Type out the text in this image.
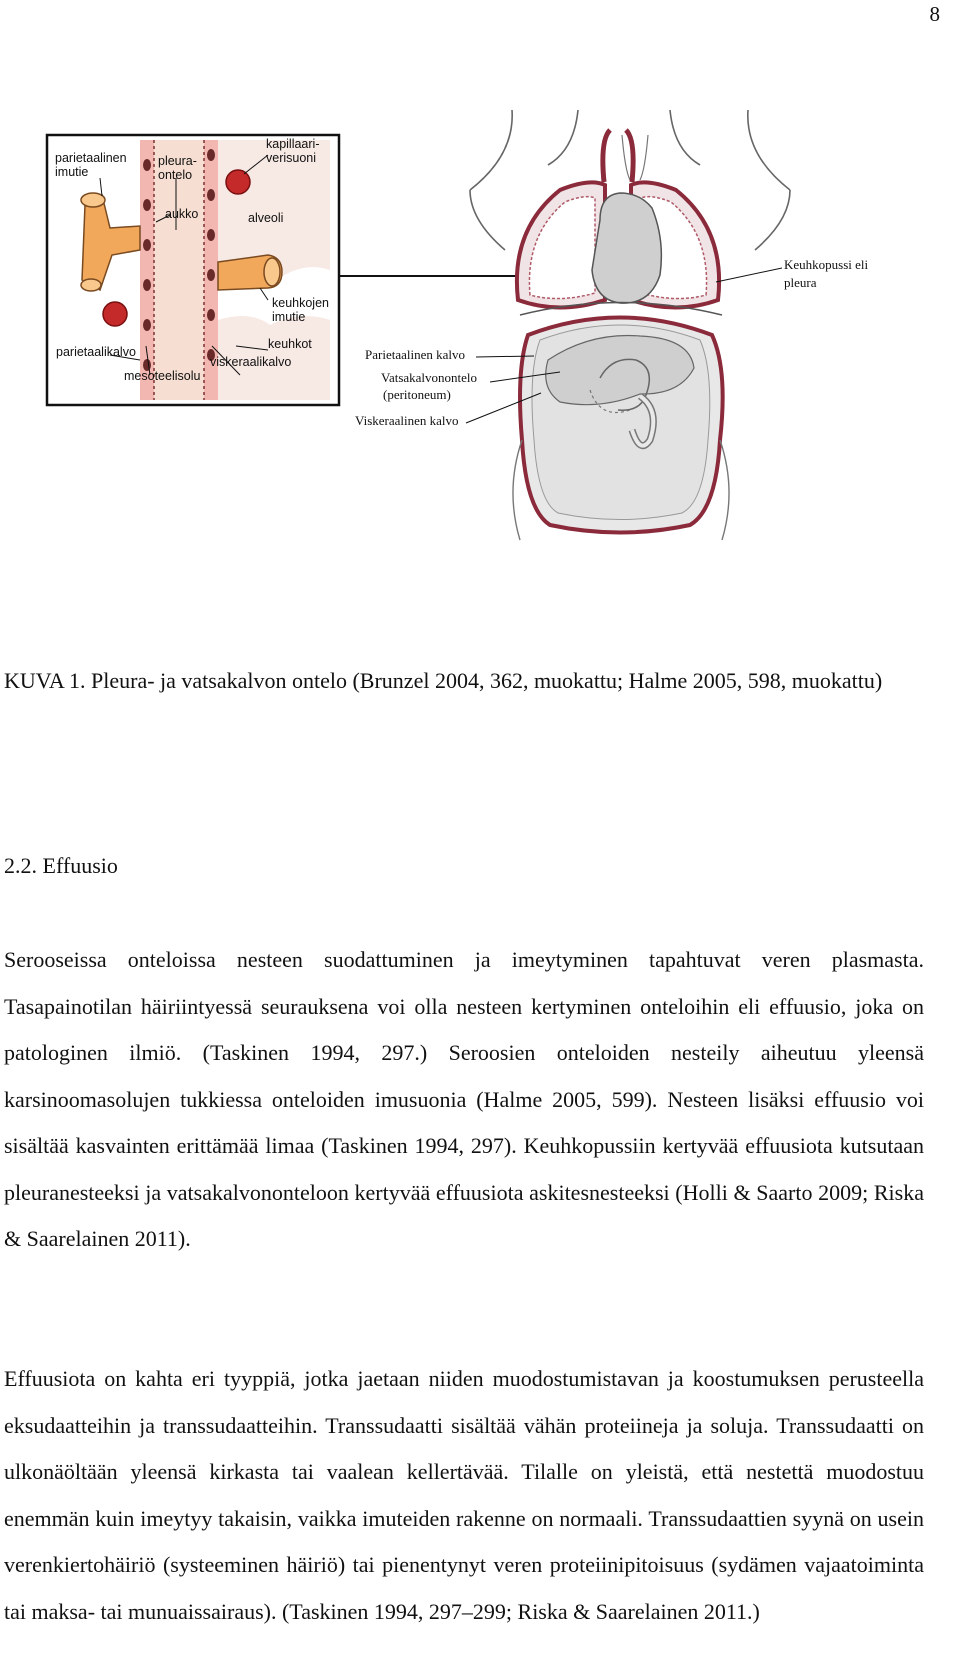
8
parietaalinen imutie
pleura- ontelo
kapillaari- verisuoni
aukko	alveoli
keuhkojen imutie
keuhkot
parietaalikalvo
mesoteelisolu
viskeraalikalvo
Keuhkopussi eli pleura
Parietaalinen kalvo
Vatsakalvonontelo (peritoneum)
Viskeraalinen kalvo
KUVA 1. Pleura- ja vatsakalvon ontelo (Brunzel 2004, 362, muokattu; Halme 2005, 598, muokattu)
2.2. Effuusio
Serooseissa onteloissa nesteen suodattuminen ja imeytyminen tapahtuvat veren plasmasta. Tasapainotilan häiriintyessä seurauksena voi olla nesteen kertyminen onteloihin eli effuusio, joka on patologinen ilmiö. (Taskinen 1994, 297.) Seroosien onteloiden nesteily aiheutuu yleensä karsinoomasolujen tukkiessa onteloiden imusuonia (Halme 2005, 599). Nesteen lisäksi effuusio voi sisältää kasvainten erittämää limaa (Taskinen 1994, 297). Keuhkopussiin kertyvää effuusiota kutsutaan pleuranesteeksi ja vatsakalvononteloon kertyvää effuusiota askitesnesteeksi (Holli & Saarto 2009; Riska & Saarelainen 2011).
Effuusiota on kahta eri tyyppiä, jotka jaetaan niiden muodostumistavan ja koostumuksen perusteella eksudaatteihin ja transsudaatteihin. Transsudaatti sisältää vähän proteiineja ja soluja. Transsudaatti on ulkonäöltään yleensä kirkasta tai vaalean kellertävää. Tilalle on yleistä, että nestettä muodostuu enemmän kuin imeytyy takaisin, vaikka imuteiden rakenne on normaali. Transsudaattien syynä on usein verenkiertohäiriö (systeeminen häiriö) tai pienentynyt veren proteiinipitoisuus (sydämen vajaatoiminta tai maksa- tai munuaissairaus). (Taskinen 1994, 297–299; Riska & Saarelainen 2011.)
